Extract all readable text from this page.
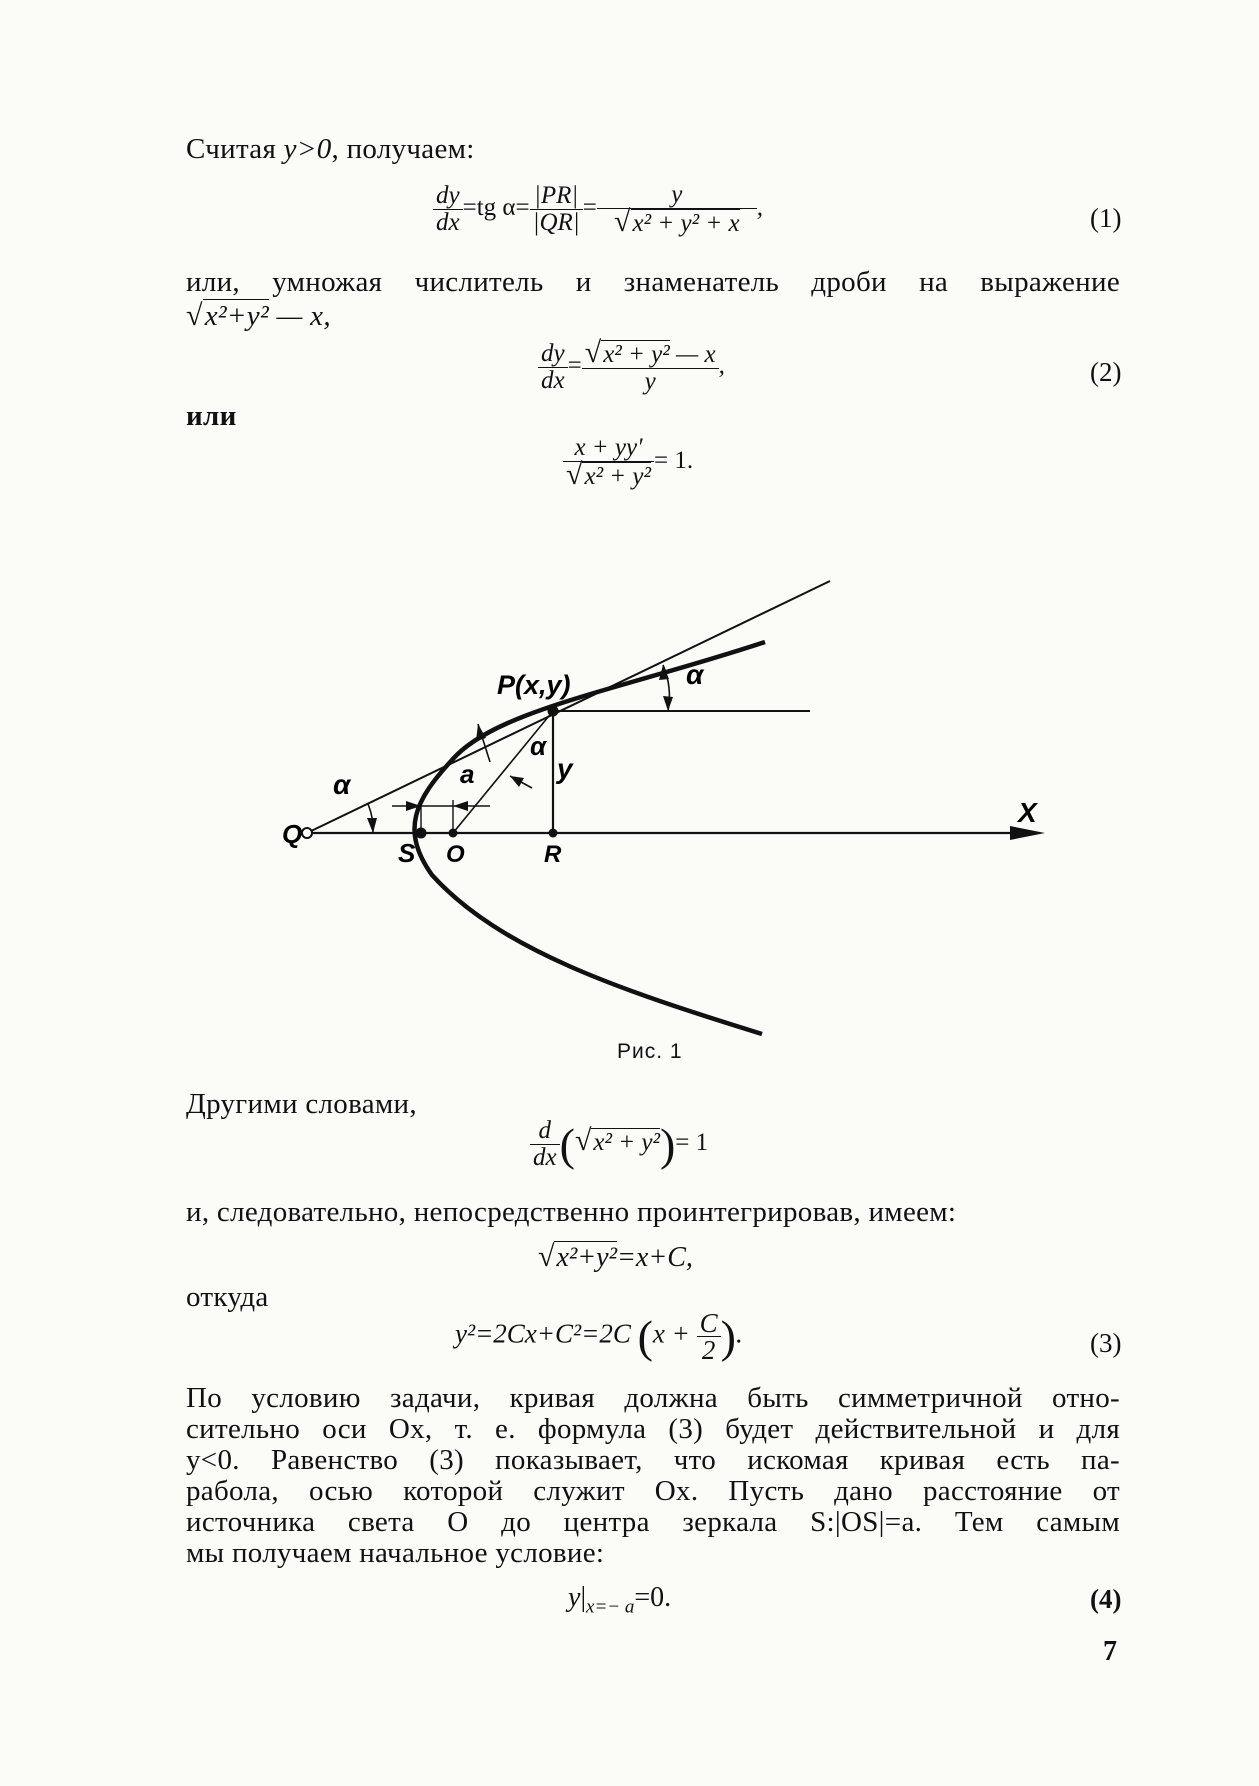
Считая y>0, получаем:
$\frac{dy}{dx} =tg$ $\alpha= \frac{|PR|}{|QR|} = \frac{y}{\text{√x² + y² + x}}$ ,	(1)
или, умножая числитель и знаменатель дроби на выражение
√x²+y² — x,
$\frac{dy}{dx} = \frac{\text{√x² + y² — x}}{y}$ ,	(2)
или
$\frac{x + yy'}{\text{√x² + y²}} = 1$.
P(x,y)
α
α
α
a	y
Q
S O	R
X
Рис. 1
Другими словами,
$\frac{d}{dx} (√x^2 + y^2)= 1$
и, следовательно, непосредственно проинтегрировав, имеем:
√x²+y²=x+C,
откуда
y²=2Cx+C²=2C ($x + \frac{C}{2}$ ).	(3)
По условию задачи, кривая должна быть симметричной отно-
сительно оси Ox, т. е. формула (3) будет действительной и для
y<0. Равенство (3) показывает, что искомая кривая есть па-
рабола, осью которой служит Ox. Пусть дано расстояние от
источника света O до центра зеркала S:|OS|=a. Тем самым
мы получаем начальное условие:
$y|_{x=- a}=0$.	(4)
7
